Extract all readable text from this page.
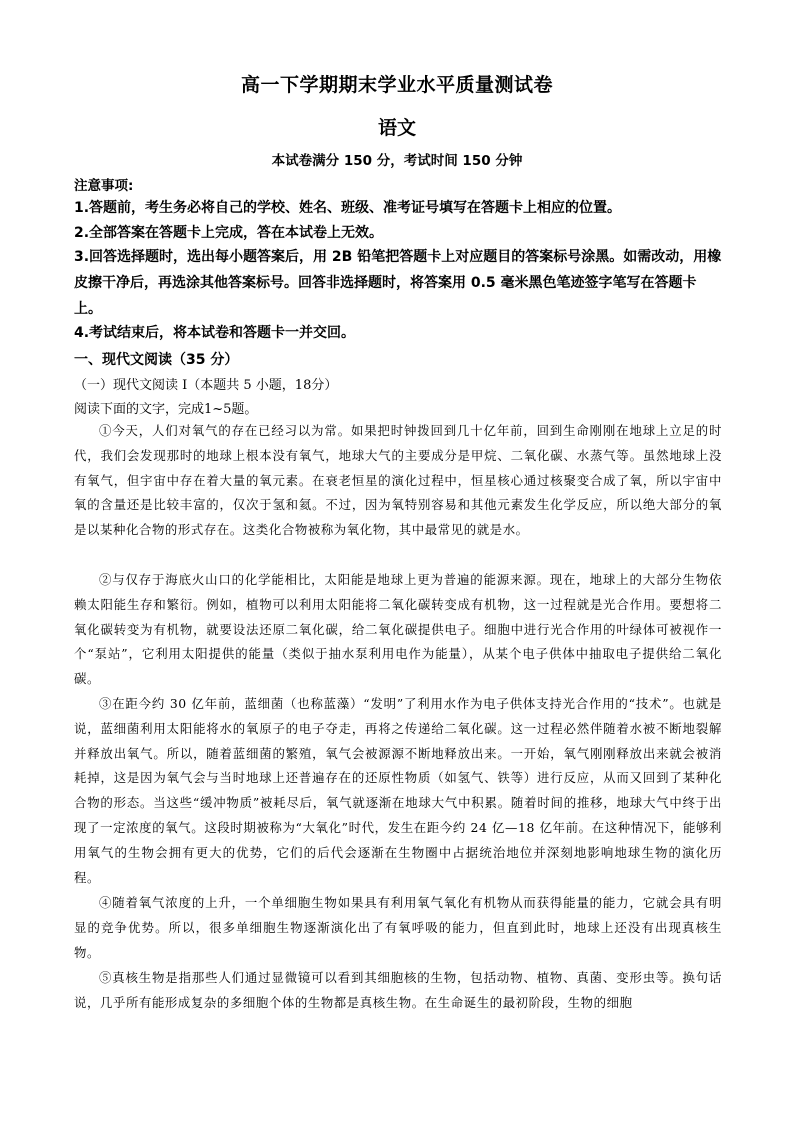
高一下学期期末学业水平质量测试卷
语文
本试卷满分 150 分，考试时间 150 分钟
注意事项:
1.答题前，考生务必将自己的学校、姓名、班级、准考证号填写在答题卡上相应的位置。
2.全部答案在答题卡上完成，答在本试卷上无效。
3.回答选择题时，选出每小题答案后，用 2B 铅笔把答题卡上对应题目的答案标号涂黑。如需改动，用橡皮擦干净后，再选涂其他答案标号。回答非选择题时，将答案用 0.5 毫米黑色笔迹签字笔写在答题卡上。
4.考试结束后，将本试卷和答题卡一并交回。
一、现代文阅读（35 分）
（一）现代文阅读 I（本题共 5 小题，18分）
阅读下面的文字，完成1~5题。
①今天，人们对氧气的存在已经习以为常。如果把时钟拨回到几十亿年前，回到生命刚刚在地球上立足的时代，我们会发现那时的地球上根本没有氧气，地球大气的主要成分是甲烷、二氧化碳、水蒸气等。虽然地球上没有氧气，但宇宙中存在着大量的氧元素。在衰老恒星的演化过程中，恒星核心通过核聚变合成了氧，所以宇宙中氧的含量还是比较丰富的，仅次于氢和氦。不过，因为氧特别容易和其他元素发生化学反应，所以绝大部分的氧是以某种化合物的形式存在。这类化合物被称为氧化物，其中最常见的就是水。
②与仅存于海底火山口的化学能相比，太阳能是地球上更为普遍的能源来源。现在，地球上的大部分生物依赖太阳能生存和繁衍。例如，植物可以利用太阳能将二氧化碳转变成有机物，这一过程就是光合作用。要想将二氧化碳转变为有机物，就要设法还原二氧化碳，给二氧化碳提供电子。细胞中进行光合作用的叶绿体可被视作一个“泵站”，它利用太阳提供的能量（类似于抽水泵利用电作为能量），从某个电子供体中抽取电子提供给二氧化碳。
③在距今约 30 亿年前，蓝细菌（也称蓝藻）“发明”了利用水作为电子供体支持光合作用的“技术”。也就是说，蓝细菌利用太阳能将水的氧原子的电子夺走，再将之传递给二氧化碳。这一过程必然伴随着水被不断地裂解并释放出氧气。所以，随着蓝细菌的繁殖，氧气会被源源不断地释放出来。一开始，氧气刚刚释放出来就会被消耗掉，这是因为氧气会与当时地球上还普遍存在的还原性物质（如氢气、铁等）进行反应，从而又回到了某种化合物的形态。当这些“缓冲物质”被耗尽后，氧气就逐渐在地球大气中积累。随着时间的推移，地球大气中终于出现了一定浓度的氧气。这段时期被称为“大氧化”时代，发生在距今约 24 亿—18 亿年前。在这种情况下，能够利用氧气的生物会拥有更大的优势，它们的后代会逐渐在生物圈中占据统治地位并深刻地影响地球生物的演化历程。
④随着氧气浓度的上升，一个单细胞生物如果具有利用氧气氧化有机物从而获得能量的能力，它就会具有明显的竞争优势。所以，很多单细胞生物逐渐演化出了有氧呼吸的能力，但直到此时，地球上还没有出现真核生物。
⑤真核生物是指那些人们通过显微镜可以看到其细胞核的生物，包括动物、植物、真菌、变形虫等。换句话说，几乎所有能形成复杂的多细胞个体的生物都是真核生物。在生命诞生的最初阶段，生物的细胞
